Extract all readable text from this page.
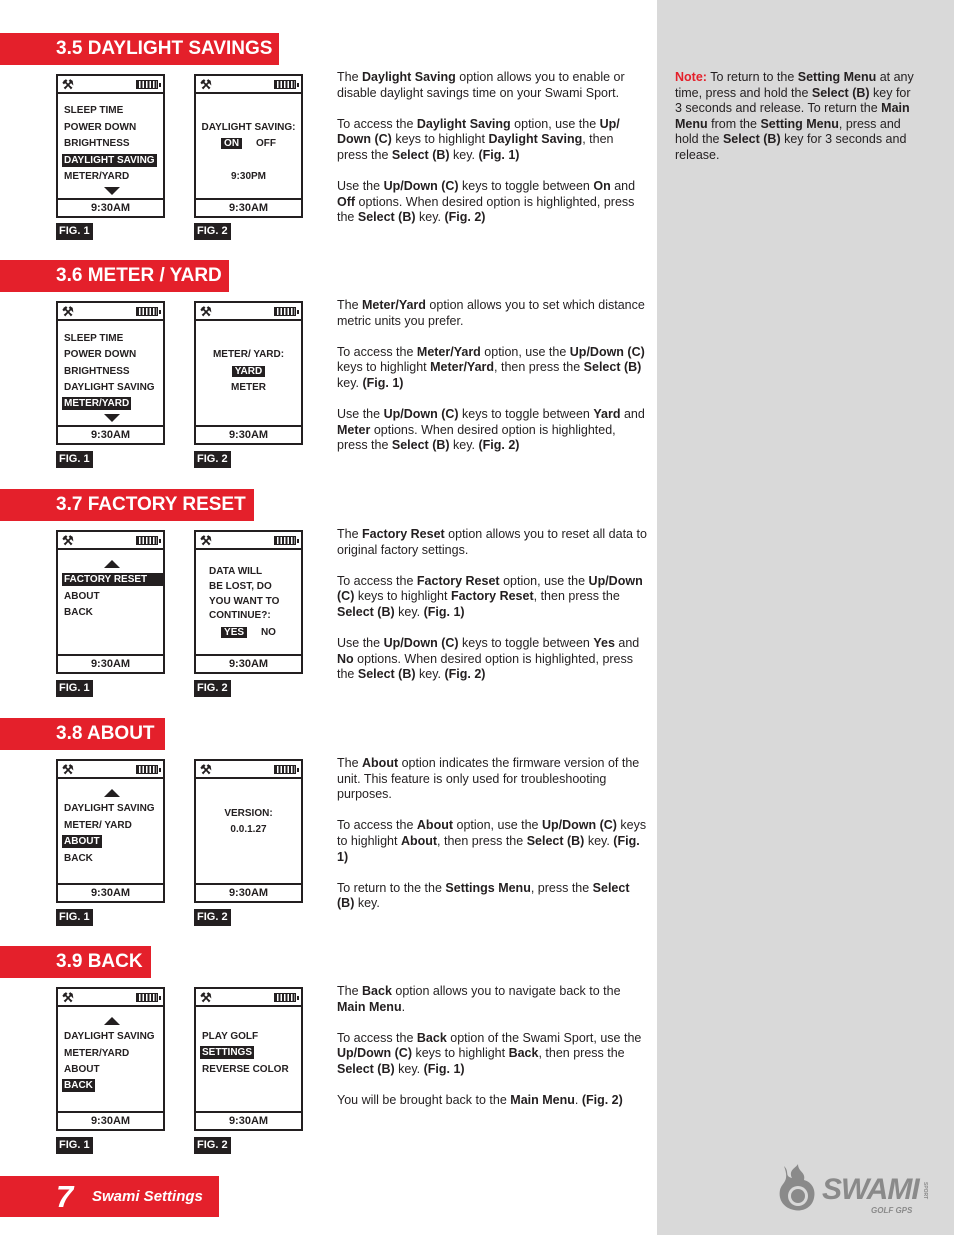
Note: To return to the Setting Menu at any time, press and hold the Select (B) key for 3 seconds and release. To return the Main Menu from the Setting Menu, press and hold the Select (B) key for 3 seconds and release.
3.5 DAYLIGHT SAVINGS
⚒
SLEEP TIME
POWER DOWN
BRIGHTNESS
DAYLIGHT SAVING
METER/YARD
9:30AM
⚒
DAYLIGHT SAVING:
ON OFF
9:30PM
9:30AM
FIG. 1	FIG. 2

The Daylight Saving option allows you to enable or disable daylight savings time on your Swami Sport.

To access the Daylight Saving option, use the Up/ Down (C) keys to highlight Daylight Saving, then press the Select (B) key. (Fig. 1)

Use the Up/Down (C) keys to toggle between On and Off options. When desired option is highlighted, press the Select (B) key. (Fig. 2)

3.6 METER / YARD
⚒
SLEEP TIME
POWER DOWN
BRIGHTNESS
DAYLIGHT SAVING
METER/YARD
9:30AM
⚒
METER/ YARD:
YARD
METER
9:30AM
FIG. 1	FIG. 2

The Meter/Yard option allows you to set which distance metric units you prefer.

To access the Meter/Yard option, use the Up/Down (C) keys to highlight Meter/Yard, then press the Select (B) key. (Fig. 1)

Use the Up/Down (C) keys to toggle between Yard and Meter options. When desired option is highlighted, press the Select (B) key. (Fig. 2)

3.7 FACTORY RESET
⚒
FACTORY RESET
ABOUT
BACK
9:30AM
⚒
DATA WILL
BE LOST, DO
YOU WANT TO
CONTINUE?:
YES NO
9:30AM
FIG. 1	FIG. 2

The Factory Reset option allows you to reset all data to original factory settings.

To access the Factory Reset option, use the Up/Down (C) keys to highlight Factory Reset, then press the Select (B) key. (Fig. 1)

Use the Up/Down (C) keys to toggle between Yes and No options. When desired option is highlighted, press the Select (B) key. (Fig. 2)

3.8 ABOUT
⚒
DAYLIGHT SAVING
METER/ YARD
ABOUT
BACK
9:30AM
⚒
VERSION:
0.0.1.27
9:30AM
FIG. 1	FIG. 2

The About option indicates the firmware version of the unit. This feature is only used for troubleshooting purposes.

To access the About option, use the Up/Down (C) keys to highlight About, then press the Select (B) key. (Fig. 1)

To return to the the Settings Menu, press the Select (B) key.

3.9 BACK
⚒
DAYLIGHT SAVING
METER/YARD
ABOUT
BACK
9:30AM
⚒
PLAY GOLF
SETTINGS
REVERSE COLOR
9:30AM
FIG. 1	FIG. 2

The Back option allows you to navigate back to the Main Menu.

To access the Back option of the Swami Sport, use the Up/Down (C) keys to highlight Back, then press the Select (B) key. (Fig. 1)

You will be brought back to the Main Menu. (Fig. 2)

7 Swami Settings	SWAMI SPORT
GOLF GPS
